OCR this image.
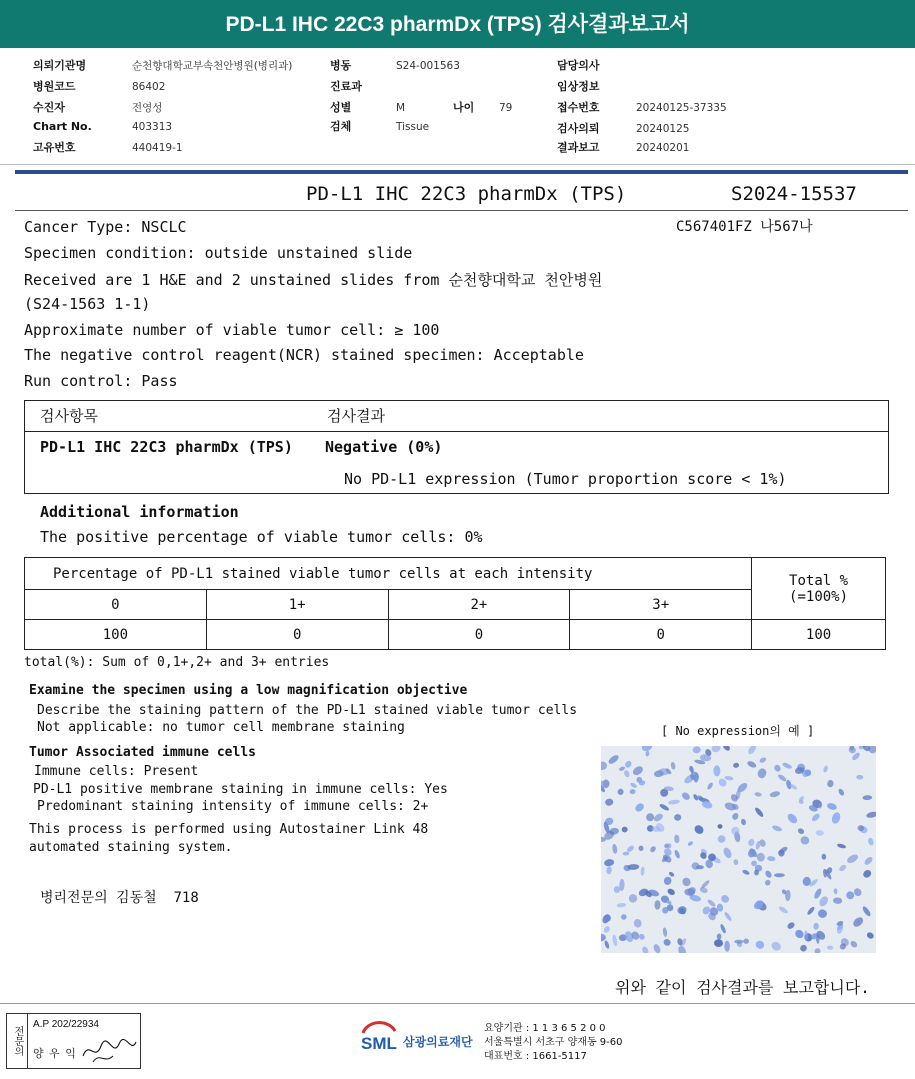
PD-L1 IHC 22C3 pharmDx (TPS) 검사결과보고서
의뢰기관명	순천향대학교부속천안병원(병리과)
병원코드	86402
수진자	전영성
Chart No.	403313
고유번호	440419-1
병동	S24-001563
진료과
성별	M	나이 79
검체	Tissue
담당의사
임상정보
접수번호	20240125-37335
검사의뢰	20240125
결과보고	20240201
PD-L1 IHC 22C3 pharmDx (TPS)	S2024-15537
C567401FZ 나567나
Cancer Type: NSCLC
Specimen condition: outside unstained slide
Received are 1 H&E and 2 unstained slides from 순천향대학교 천안병원
(S24-1563 1-1)
Approximate number of viable tumor cell: ≥ 100
The negative control reagent(NCR) stained specimen: Acceptable
Run control: Pass
검사항목	검사결과
PD-L1 IHC 22C3 pharmDx (TPS) Negative (0%)
No PD-L1 expression (Tumor proportion score < 1%)
Additional information
The positive percentage of viable tumor cells: 0%
Percentage of PD-L1 stained viable tumor cells at each intensity				Total %
(=100%)

0	1+	2+	3+	
100	0	0	0	100
total(%): Sum of 0,1+,2+ and 3+ entries
Examine the specimen using a low magnification objective
Describe the staining pattern of the PD-L1 stained viable tumor cells
Not applicable: no tumor cell membrane staining	[ No expression의 예 ]
Tumor Associated immune cells
Immune cells: Present
PD-L1 positive membrane staining in immune cells: Yes
Predominant staining intensity of immune cells: 2+
This process is performed using Autostainer Link 48
automated staining system.
병리전문의 김동철  718
위와 같이 검사결과를 보고합니다.
전문의
A.P 202/22934
양 우 익
SML 삼광의료재단
요양기관 : 1 1 3 6 5 2 0 0
서울특별시 서초구 양재동 9-60
대표번호 : 1661-5117
